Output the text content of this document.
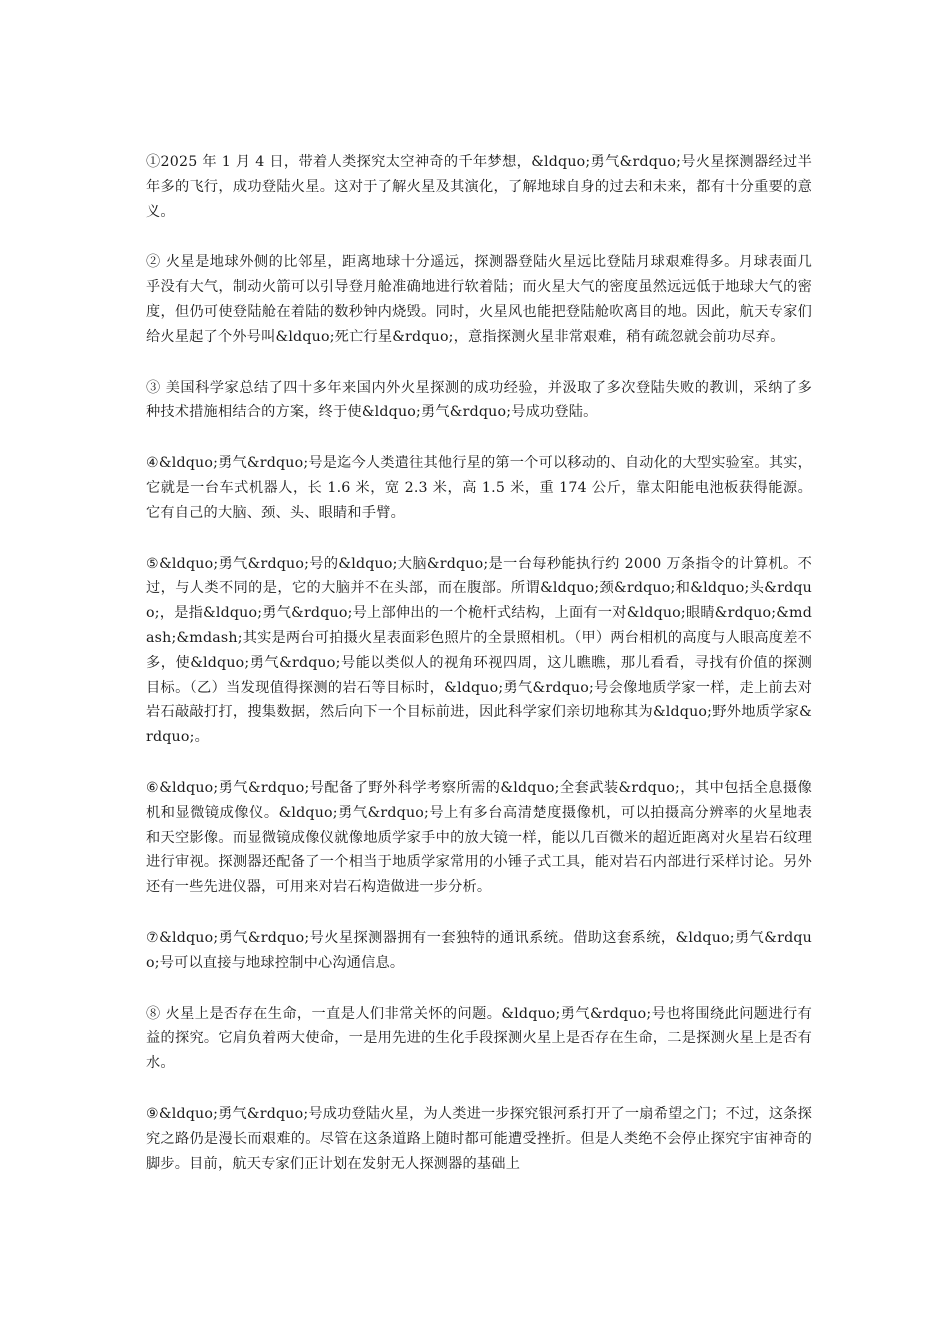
①2025 年 1 月 4 日，带着人类探究太空神奇的千年梦想，&ldquo;勇气&rdquo;号火星探测器经过半年多的飞行，成功登陆火星。这对于了解火星及其演化，了解地球自身的过去和未来，都有十分重要的意义。

② 火星是地球外侧的比邻星，距离地球十分遥远，探测器登陆火星远比登陆月球艰难得多。月球表面几乎没有大气，制动火箭可以引导登月舱准确地进行软着陆；而火星大气的密度虽然远远低于地球大气的密度，但仍可使登陆舱在着陆的数秒钟内烧毁。同时，火星风也能把登陆舱吹离目的地。因此，航天专家们给火星起了个外号叫&ldquo;死亡行星&rdquo;，意指探测火星非常艰难，稍有疏忽就会前功尽弃。

③ 美国科学家总结了四十多年来国内外火星探测的成功经验，并汲取了多次登陆失败的教训，采纳了多种技术措施相结合的方案，终于使&ldquo;勇气&rdquo;号成功登陆。

④&ldquo;勇气&rdquo;号是迄今人类遣往其他行星的第一个可以移动的、自动化的大型实验室。其实，它就是一台车式机器人，长 1.6 米，宽 2.3 米，高 1.5 米，重 174 公斤，靠太阳能电池板获得能源。它有自己的大脑、颈、头、眼睛和手臂。

⑤&ldquo;勇气&rdquo;号的&ldquo;大脑&rdquo;是一台每秒能执行约 2000 万条指令的计算机。不过，与人类不同的是，它的大脑并不在头部，而在腹部。所谓&ldquo;颈&rdquo;和&ldquo;头&rdquo;，是指&ldquo;勇气&rdquo;号上部伸出的一个桅杆式结构，上面有一对&ldquo;眼睛&rdquo;&mdash;&mdash;其实是两台可拍摄火星表面彩色照片的全景照相机。（甲）两台相机的高度与人眼高度差不多，使&ldquo;勇气&rdquo;号能以类似人的视角环视四周，这儿瞧瞧，那儿看看，寻找有价值的探测目标。（乙）当发现值得探测的岩石等目标时，&ldquo;勇气&rdquo;号会像地质学家一样，走上前去对岩石敲敲打打，搜集数据，然后向下一个目标前进，因此科学家们亲切地称其为&ldquo;野外地质学家&rdquo;。

⑥&ldquo;勇气&rdquo;号配备了野外科学考察所需的&ldquo;全套武装&rdquo;，其中包括全息摄像机和显微镜成像仪。&ldquo;勇气&rdquo;号上有多台高清楚度摄像机，可以拍摄高分辨率的火星地表和天空影像。而显微镜成像仪就像地质学家手中的放大镜一样，能以几百微米的超近距离对火星岩石纹理进行审视。探测器还配备了一个相当于地质学家常用的小锤子式工具，能对岩石内部进行采样讨论。另外还有一些先进仪器，可用来对岩石构造做进一步分析。

⑦&ldquo;勇气&rdquo;号火星探测器拥有一套独特的通讯系统。借助这套系统，&ldquo;勇气&rdquo;号可以直接与地球控制中心沟通信息。

⑧ 火星上是否存在生命，一直是人们非常关怀的问题。&ldquo;勇气&rdquo;号也将围绕此问题进行有益的探究。它肩负着两大使命，一是用先进的生化手段探测火星上是否存在生命，二是探测火星上是否有水。

⑨&ldquo;勇气&rdquo;号成功登陆火星，为人类进一步探究银河系打开了一扇希望之门；不过，这条探究之路仍是漫长而艰难的。尽管在这条道路上随时都可能遭受挫折。但是人类绝不会停止探究宇宙神奇的脚步。目前，航天专家们正计划在发射无人探测器的基础上
